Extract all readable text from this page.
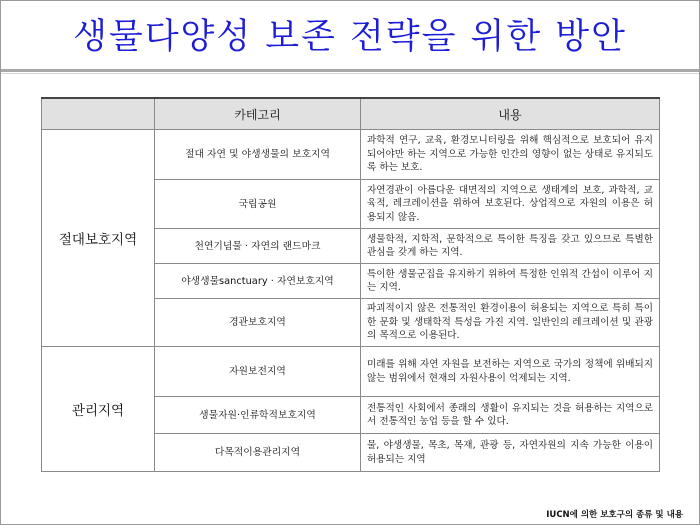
생물다양성 보존 전략을 위한 방안
	카테고리	내용
절대보호지역	절대 자연 및 야생생물의 보호지역	과학적 연구, 교육, 환경모니터링을 위해 핵심적으로 보호되어 유지되어야만 하는 지역으로 가능한 인간의 영향이 없는 상태로 유지되도록 하는 보호.
	국립공원	자연경관이 아름다운 대면적의 지역으로 생태계의 보호, 과학적, 교육적, 레크레이션을 위하여 보호된다. 상업적으로 자원의 이용은 허용되지 않음.
	천연기념물 · 자연의 랜드마크	생물학적, 지학적, 문학적으로 특이한 특징을 갖고 있으므로 특별한 관심을 갖게 하는 지역.
	야생생물sanctuary · 자연보호지역	특이한 생물군집을 유지하기 위하여 특정한 인위적 간섭이 이루어 지는 지역.
	경관보호지역	파괴적이지 않은 전통적인 환경이용이 허용되는 지역으로 특히 특이한 문화 및 생태학적 특성을 가진 지역. 일반인의 레크레이션 및 관광의 목적으로 이용된다.
관리지역	자원보전지역	미래를 위해 자연 자원을 보전하는 지역으로 국가의 정책에 위배되지 않는 범위에서 현재의 자원사용이 억제되는 지역.
	생물자원·인류학적보호지역	전통적인 사회에서 종래의 생활이 유지되는 것을 허용하는 지역으로서 전통적인 농업 등을 할 수 있다.
	다목적이용관리지역	물, 야생생물, 목초, 목재, 관광 등, 자연자원의 지속 가능한 이용이 허용되는 지역
IUCN에 의한 보호구의 종류 및 내용
